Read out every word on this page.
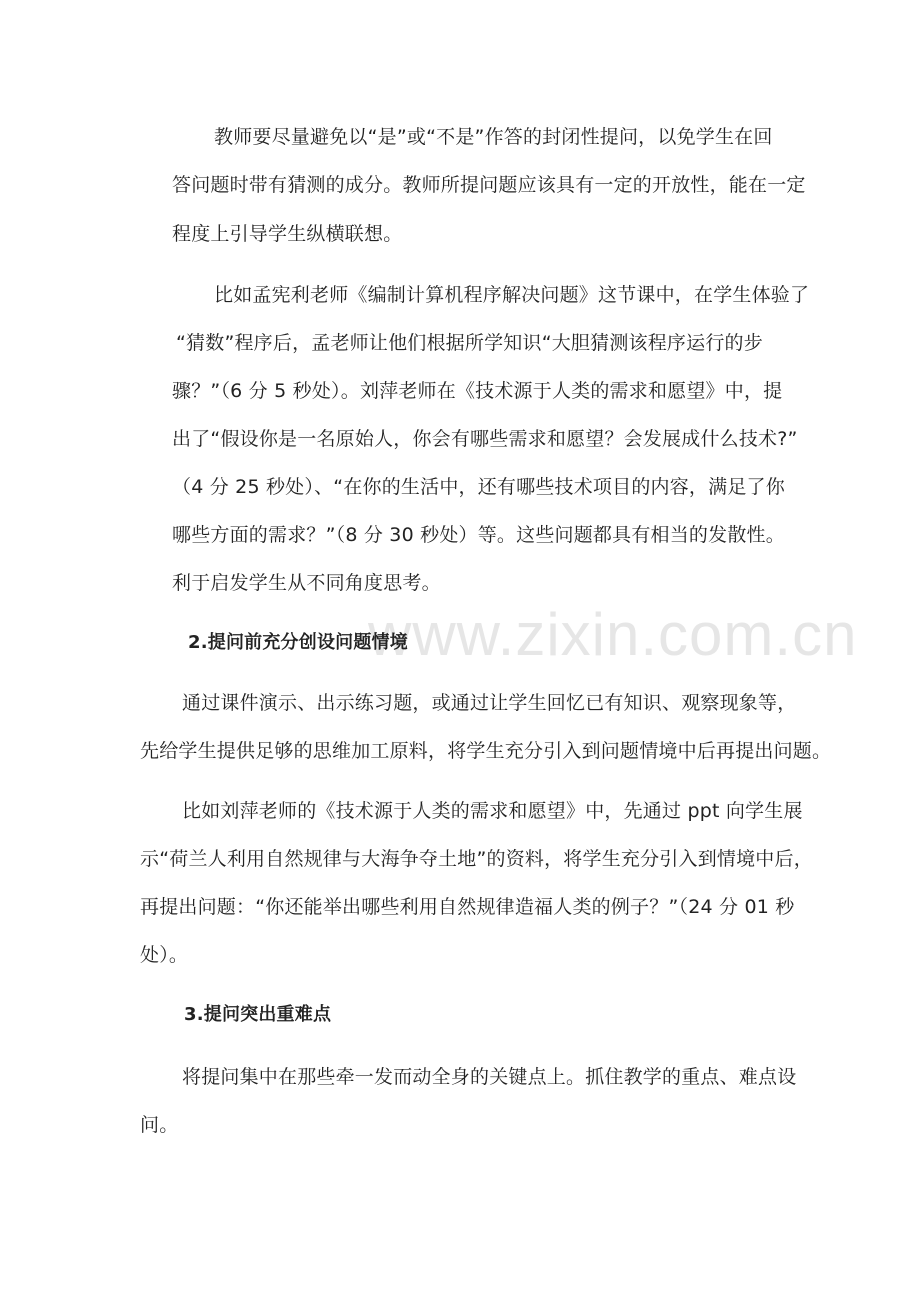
www.zixin.com.cn
教师要尽量避免以“是”或“不是”作答的封闭性提问，以免学生在回
答问题时带有猜测的成分。教师所提问题应该具有一定的开放性，能在一定
程度上引导学生纵横联想。
比如孟宪利老师《编制计算机程序解决问题》这节课中，在学生体验了
“猜数”程序后，孟老师让他们根据所学知识“大胆猜测该程序运行的步
骤？”（6 分 5 秒处）。刘萍老师在《技术源于人类的需求和愿望》中，提
出了“假设你是一名原始人，你会有哪些需求和愿望？会发展成什么技术?”
（4 分 25 秒处）、“在你的生活中，还有哪些技术项目的内容，满足了你
哪些方面的需求？”（8 分 30 秒处）等。这些问题都具有相当的发散性。
利于启发学生从不同角度思考。
2.提问前充分创设问题情境
通过课件演示、出示练习题，或通过让学生回忆已有知识、观察现象等，
先给学生提供足够的思维加工原料，将学生充分引入到问题情境中后再提出问题。
比如刘萍老师的《技术源于人类的需求和愿望》中，先通过 ppt 向学生展
示“荷兰人利用自然规律与大海争夺土地”的资料，将学生充分引入到情境中后，
再提出问题：“你还能举出哪些利用自然规律造福人类的例子？”（24 分 01 秒
处）。
3.提问突出重难点
将提问集中在那些牵一发而动全身的关键点上。抓住教学的重点、难点设
问。
